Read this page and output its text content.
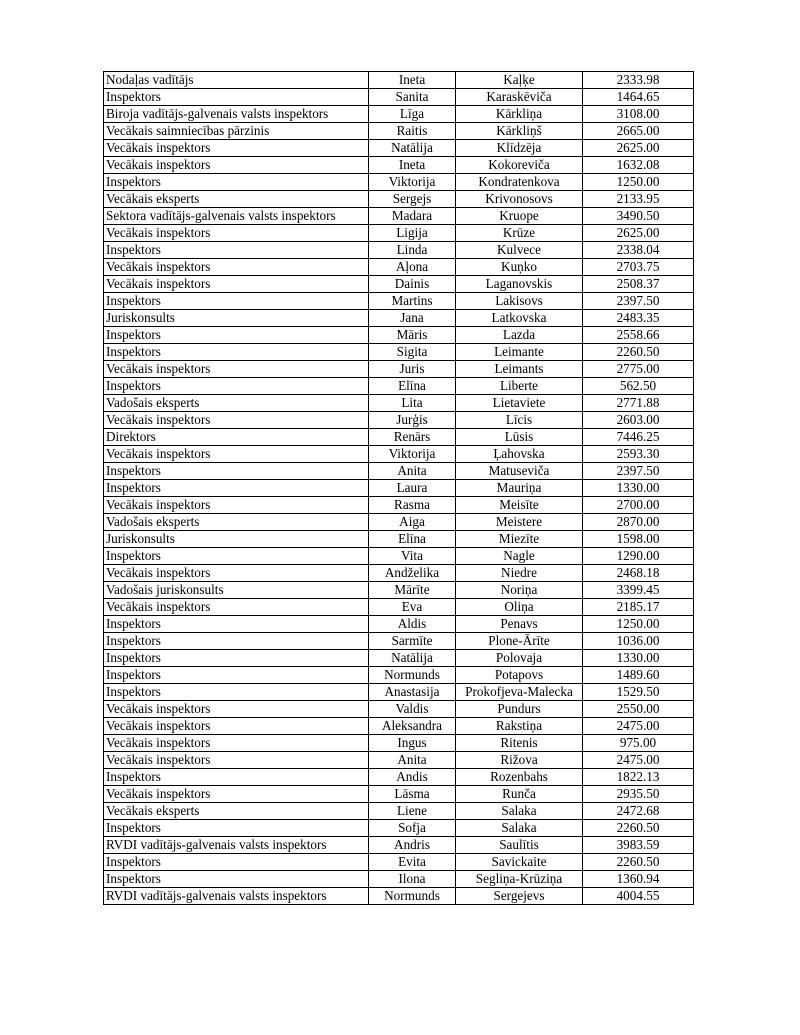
Nodaļas vadītājs	Ineta	Kaļķe	2333.98
Inspektors	Sanita	Karaskēviča	1464.65
Biroja vadītājs-galvenais valsts inspektors	Līga	Kārkliņa	3108.00
Vecākais saimniecības pārzinis	Raitis	Kārkliņš	2665.00
Vecākais inspektors	Natālija	Klīdzēja	2625.00
Vecākais inspektors	Ineta	Kokoreviča	1632.08
Inspektors	Viktorija	Kondratenkova	1250.00
Vecākais eksperts	Sergejs	Krivonosovs	2133.95
Sektora vadītājs-galvenais valsts inspektors	Madara	Kruope	3490.50
Vecākais inspektors	Ligija	Krūze	2625.00
Inspektors	Linda	Kulvece	2338.04
Vecākais inspektors	Aļona	Kuņko	2703.75
Vecākais inspektors	Dainis	Laganovskis	2508.37
Inspektors	Martins	Lakisovs	2397.50
Juriskonsults	Jana	Latkovska	2483.35
Inspektors	Māris	Lazda	2558.66
Inspektors	Sigita	Leimante	2260.50
Vecākais inspektors	Juris	Leimants	2775.00
Inspektors	Elīna	Liberte	562.50
Vadošais eksperts	Lita	Lietaviete	2771.88
Vecākais inspektors	Jurģis	Līcis	2603.00
Direktors	Renārs	Lūsis	7446.25
Vecākais inspektors	Viktorija	Ļahovska	2593.30
Inspektors	Anita	Matuseviča	2397.50
Inspektors	Laura	Mauriņa	1330.00
Vecākais inspektors	Rasma	Meisīte	2700.00
Vadošais eksperts	Aiga	Meistere	2870.00
Juriskonsults	Elīna	Miezīte	1598.00
Inspektors	Vita	Nagle	1290.00
Vecākais inspektors	Andželika	Niedre	2468.18
Vadošais juriskonsults	Mārīte	Noriņa	3399.45
Vecākais inspektors	Eva	Oliņa	2185.17
Inspektors	Aldis	Penavs	1250.00
Inspektors	Sarmīte	Plone-Ārīte	1036.00
Inspektors	Natālija	Polovaja	1330.00
Inspektors	Normunds	Potapovs	1489.60
Inspektors	Anastasija	Prokofjeva-Malecka	1529.50
Vecākais inspektors	Valdis	Pundurs	2550.00
Vecākais inspektors	Aleksandra	Rakstiņa	2475.00
Vecākais inspektors	Ingus	Ritenis	975.00
Vecākais inspektors	Anita	Rižova	2475.00
Inspektors	Andis	Rozenbahs	1822.13
Vecākais inspektors	Lāsma	Runča	2935.50
Vecākais eksperts	Liene	Salaka	2472.68
Inspektors	Sofja	Salaka	2260.50
RVDI vadītājs-galvenais valsts inspektors	Andris	Saulītis	3983.59
Inspektors	Evita	Savickaite	2260.50
Inspektors	Ilona	Segliņa-Krūziņa	1360.94
RVDI vadītājs-galvenais valsts inspektors	Normunds	Sergejevs	4004.55
